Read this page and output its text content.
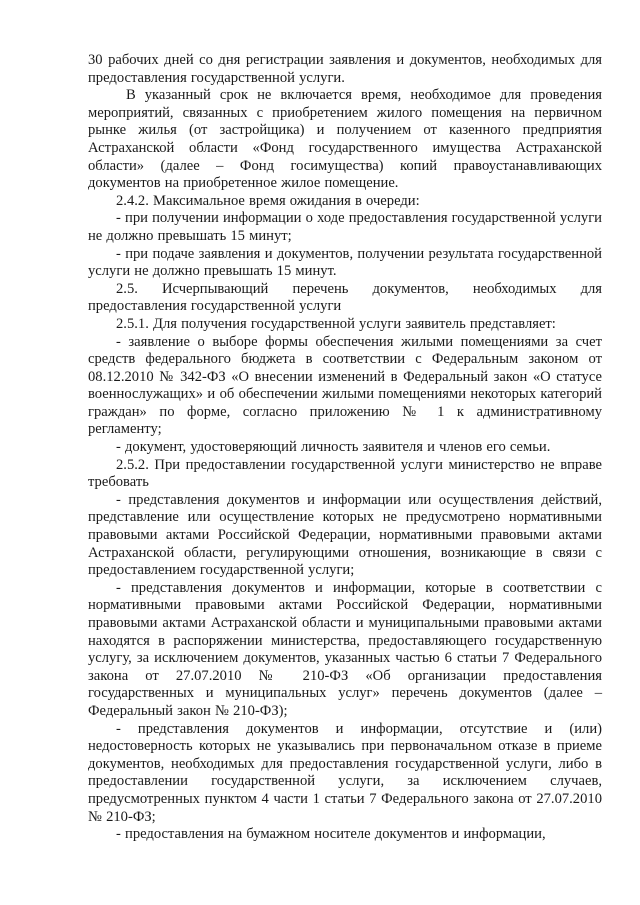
30 рабочих дней со дня регистрации заявления и документов, необходимых для предоставления государственной услуги.

В указанный срок не включается время, необходимое для проведения мероприятий, связанных с приобретением жилого помещения на первичном рынке жилья (от застройщика) и получением от казенного предприятия Астраханской области «Фонд государственного имущества Астраханской области» (далее – Фонд госимущества) копий правоустанавливающих документов на приобретенное жилое помещение.

2.4.2. Максимальное время ожидания в очереди:

- при получении информации о ходе предоставления государственной услуги не должно превышать 15 минут;

- при подаче заявления и документов, получении результата государственной услуги не должно превышать 15 минут.

2.5. Исчерпывающий перечень документов, необходимых для предоставления государственной услуги

2.5.1. Для получения государственной услуги заявитель представляет:

- заявление о выборе формы обеспечения жилыми помещениями за счет средств федерального бюджета в соответствии с Федеральным законом от 08.12.2010 № 342-ФЗ «О внесении изменений в Федеральный закон «О статусе военнослужащих» и об обеспечении жилыми помещениями некоторых категорий граждан» по форме, согласно приложению № 1 к административному регламенту;

- документ, удостоверяющий личность заявителя и членов его семьи.

2.5.2. При предоставлении государственной услуги министерство не вправе требовать

- представления документов и информации или осуществления действий, представление или осуществление которых не предусмотрено нормативными правовыми актами Российской Федерации, нормативными правовыми актами Астраханской области, регулирующими отношения, возникающие в связи с предоставлением государственной услуги;

- представления документов и информации, которые в соответствии с нормативными правовыми актами Российской Федерации, нормативными правовыми актами Астраханской области и муниципальными правовыми актами находятся в распоряжении министерства, предоставляющего государственную услугу, за исключением документов, указанных частью 6 статьи 7 Федерального закона от 27.07.2010 № 210-ФЗ «Об организации предоставления государственных и муниципальных услуг» перечень документов (далее – Федеральный закон № 210-ФЗ);

- представления документов и информации, отсутствие и (или) недостоверность которых не указывались при первоначальном отказе в приеме документов, необходимых для предоставления государственной услуги, либо в предоставлении государственной услуги, за исключением случаев, предусмотренных пунктом 4 части 1 статьи 7 Федерального закона от 27.07.2010 № 210-ФЗ;

- предоставления на бумажном носителе документов и информации,
